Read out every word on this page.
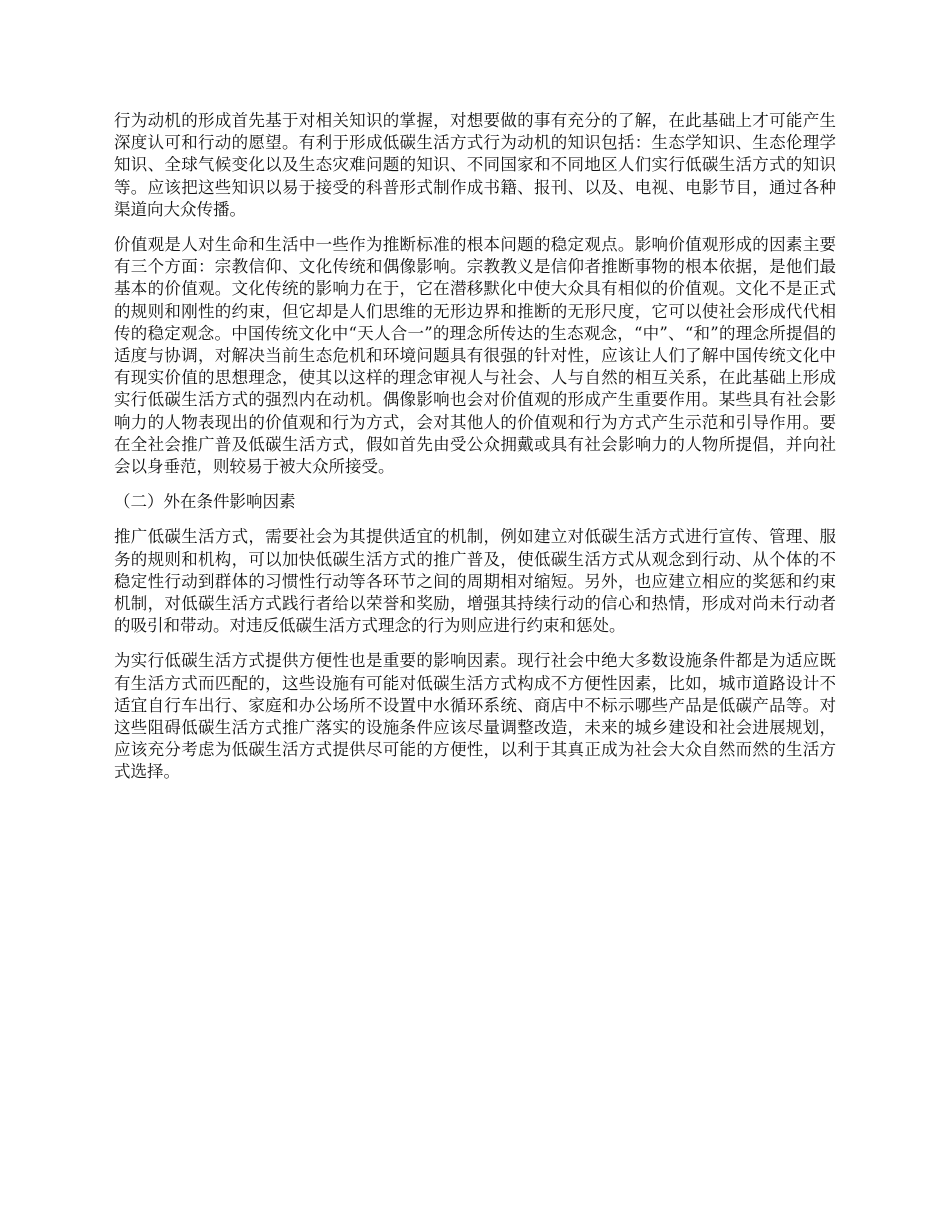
行为动机的形成首先基于对相关知识的掌握，对想要做的事有充分的了解，在此基础上才可能产生深度认可和行动的愿望。有利于形成低碳生活方式行为动机的知识包括：生态学知识、生态伦理学知识、全球气候变化以及生态灾难问题的知识、不同国家和不同地区人们实行低碳生活方式的知识等。应该把这些知识以易于接受的科普形式制作成书籍、报刊、以及、电视、电影节目，通过各种渠道向大众传播。

价值观是人对生命和生活中一些作为推断标准的根本问题的稳定观点。影响价值观形成的因素主要有三个方面：宗教信仰、文化传统和偶像影响。宗教教义是信仰者推断事物的根本依据，是他们最基本的价值观。文化传统的影响力在于，它在潜移默化中使大众具有相似的价值观。文化不是正式的规则和刚性的约束，但它却是人们思维的无形边界和推断的无形尺度，它可以使社会形成代代相传的稳定观念。中国传统文化中“天人合一”的理念所传达的生态观念，“中”、“和”的理念所提倡的适度与协调，对解决当前生态危机和环境问题具有很强的针对性，应该让人们了解中国传统文化中有现实价值的思想理念，使其以这样的理念审视人与社会、人与自然的相互关系，在此基础上形成实行低碳生活方式的强烈内在动机。偶像影响也会对价值观的形成产生重要作用。某些具有社会影响力的人物表现出的价值观和行为方式，会对其他人的价值观和行为方式产生示范和引导作用。要在全社会推广普及低碳生活方式，假如首先由受公众拥戴或具有社会影响力的人物所提倡，并向社会以身垂范，则较易于被大众所接受。

（二）外在条件影响因素

推广低碳生活方式，需要社会为其提供适宜的机制，例如建立对低碳生活方式进行宣传、管理、服务的规则和机构，可以加快低碳生活方式的推广普及，使低碳生活方式从观念到行动、从个体的不稳定性行动到群体的习惯性行动等各环节之间的周期相对缩短。另外，也应建立相应的奖惩和约束机制，对低碳生活方式践行者给以荣誉和奖励，增强其持续行动的信心和热情，形成对尚未行动者的吸引和带动。对违反低碳生活方式理念的行为则应进行约束和惩处。

为实行低碳生活方式提供方便性也是重要的影响因素。现行社会中绝大多数设施条件都是为适应既有生活方式而匹配的，这些设施有可能对低碳生活方式构成不方便性因素，比如，城市道路设计不适宜自行车出行、家庭和办公场所不设置中水循环系统、商店中不标示哪些产品是低碳产品等。对这些阻碍低碳生活方式推广落实的设施条件应该尽量调整改造，未来的城乡建设和社会进展规划，应该充分考虑为低碳生活方式提供尽可能的方便性，以利于其真正成为社会大众自然而然的生活方式选择。
